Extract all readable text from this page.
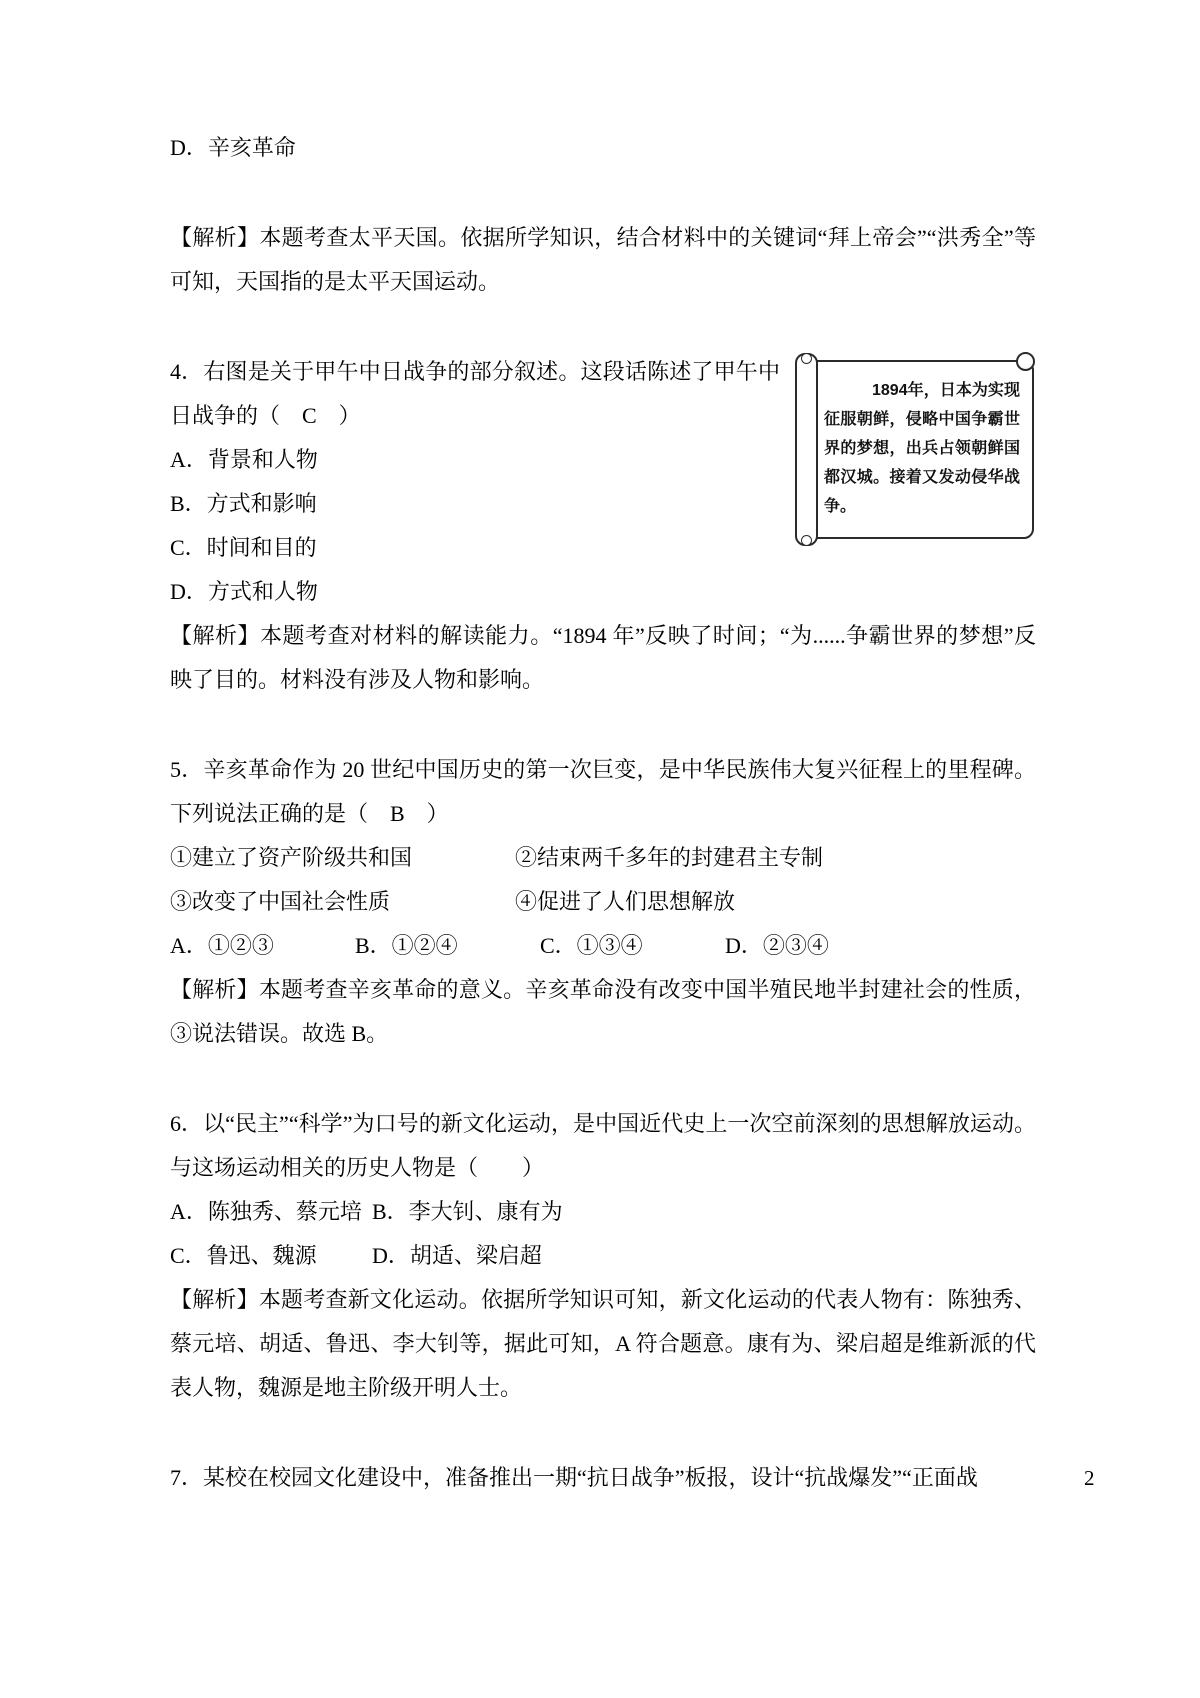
D．辛亥革命
【解析】本题考查太平天国。依据所学知识，结合材料中的关键词“拜上帝会”“洪秀全”等可知，天国指的是太平天国运动。
1894年，日本为实现征服朝鲜，侵略中国争霸世界的梦想，出兵占领朝鲜国都汉城。接着又发动侵华战争。
4．右图是关于甲午中日战争的部分叙述。这段话陈述了甲午中日战争的（　C　）
A．背景和人物
B．方式和影响
C．时间和目的
D．方式和人物
【解析】本题考查对材料的解读能力。“1894 年”反映了时间；“为......争霸世界的梦想”反映了目的。材料没有涉及人物和影响。
5．辛亥革命作为 20 世纪中国历史的第一次巨变，是中华民族伟大复兴征程上的里程碑。下列说法正确的是（　B　）
①建立了资产阶级共和国	②结束两千多年的封建君主专制
③改变了中国社会性质	④促进了人们思想解放
A．①②③	B．①②④	C．①③④	D．②③④
【解析】本题考查辛亥革命的意义。辛亥革命没有改变中国半殖民地半封建社会的性质，③说法错误。故选 B。
6．以“民主”“科学”为口号的新文化运动，是中国近代史上一次空前深刻的思想解放运动。与这场运动相关的历史人物是（　　）
A．陈独秀、蔡元培 B．李大钊、康有为
C．鲁迅、魏源	D．胡适、梁启超
【解析】本题考查新文化运动。依据所学知识可知，新文化运动的代表人物有：陈独秀、蔡元培、胡适、鲁迅、李大钊等，据此可知，A 符合题意。康有为、梁启超是维新派的代表人物，魏源是地主阶级开明人士。
7．某校在校园文化建设中，准备推出一期“抗日战争”板报，设计“抗战爆发”“正面战	2
